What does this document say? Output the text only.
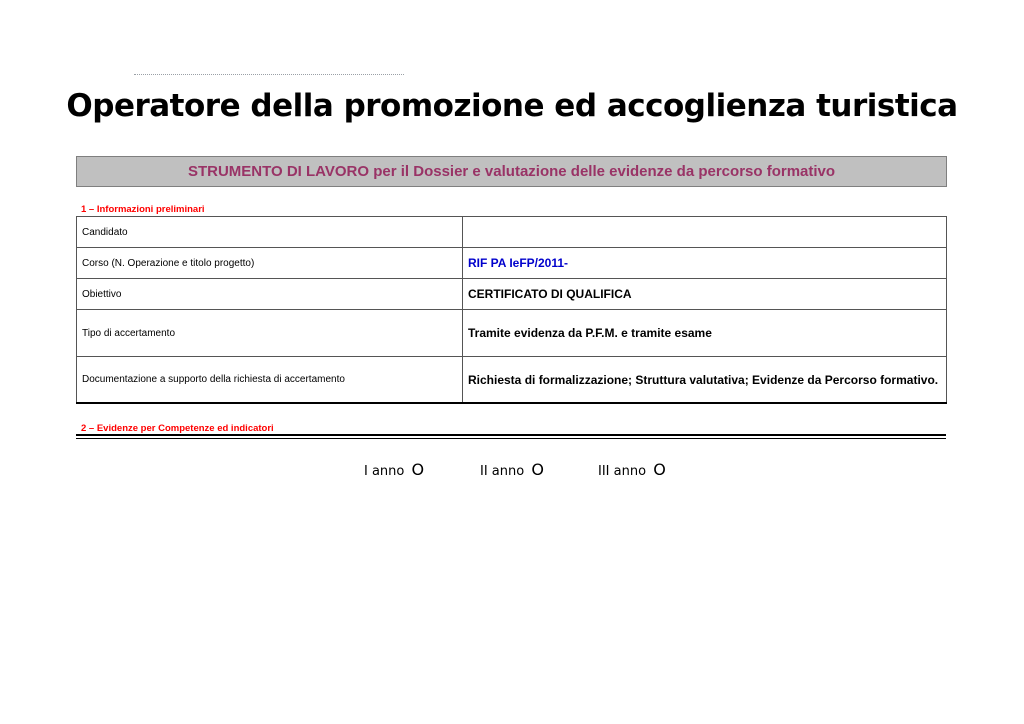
Operatore della promozione ed accoglienza turistica
STRUMENTO DI LAVORO per il Dossier e valutazione delle evidenze da percorso formativo
1 – Informazioni preliminari
Candidato	
Corso (N. Operazione e titolo progetto)	RIF PA IeFP/2011-
Obiettivo	CERTIFICATO DI QUALIFICA
Tipo di accertamento	Tramite evidenza da P.F.M. e tramite esame
Documentazione a supporto della richiesta di accertamento	Richiesta di formalizzazione; Struttura valutativa; Evidenze da Percorso formativo.
2 – Evidenze per Competenze ed indicatori
I anno O	II anno O	III anno O
